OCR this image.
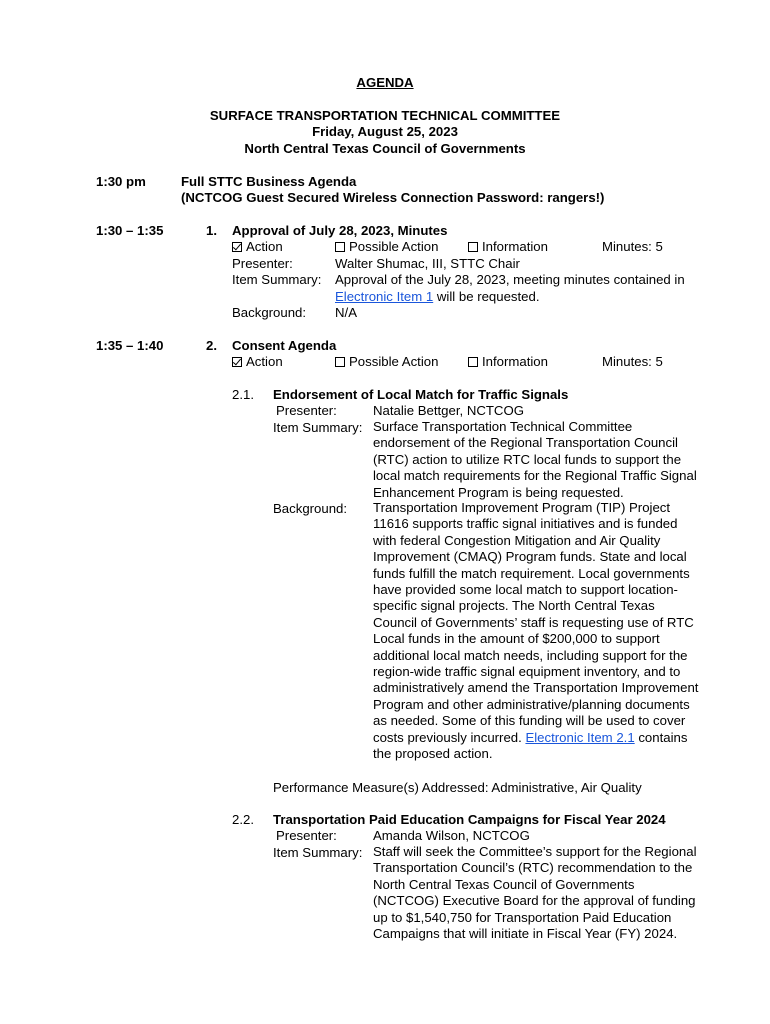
AGENDA
SURFACE TRANSPORTATION TECHNICAL COMMITTEE
Friday, August 25, 2023
North Central Texas Council of Governments
1:30 pm	Full STTC Business Agenda
(NCTCOG Guest Secured Wireless Connection Password: rangers!)
1:30 – 1:35	1. Approval of July 28, 2023, Minutes
Action	Possible Action	Information	Minutes: 5
Presenter:	Walter Shumac, III, STTC Chair
Item Summary: Approval of the July 28, 2023, meeting minutes contained in
Electronic Item 1 will be requested.
Background: N/A
1:35 – 1:40	2. Consent Agenda
Action	Possible Action	Information	Minutes: 5
2.1. Endorsement of Local Match for Traffic Signals
Presenter:	Natalie Bettger, NCTCOG
Item Summary: Surface Transportation Technical Committee
endorsement of the Regional Transportation Council
(RTC) action to utilize RTC local funds to support the
local match requirements for the Regional Traffic Signal
Enhancement Program is being requested.
Background: Transportation Improvement Program (TIP) Project
11616 supports traffic signal initiatives and is funded
with federal Congestion Mitigation and Air Quality
Improvement (CMAQ) Program funds. State and local
funds fulfill the match requirement. Local governments
have provided some local match to support location-
specific signal projects. The North Central Texas
Council of Governments’ staff is requesting use of RTC
Local funds in the amount of $200,000 to support
additional local match needs, including support for the
region-wide traffic signal equipment inventory, and to
administratively amend the Transportation Improvement
Program and other administrative/planning documents
as needed. Some of this funding will be used to cover
costs previously incurred. Electronic Item 2.1 contains
the proposed action.
Performance Measure(s) Addressed: Administrative, Air Quality
2.2. Transportation Paid Education Campaigns for Fiscal Year 2024
Presenter:	Amanda Wilson, NCTCOG
Item Summary: Staff will seek the Committee’s support for the Regional
Transportation Council’s (RTC) recommendation to the
North Central Texas Council of Governments
(NCTCOG) Executive Board for the approval of funding
up to $1,540,750 for Transportation Paid Education
Campaigns that will initiate in Fiscal Year (FY) 2024.
